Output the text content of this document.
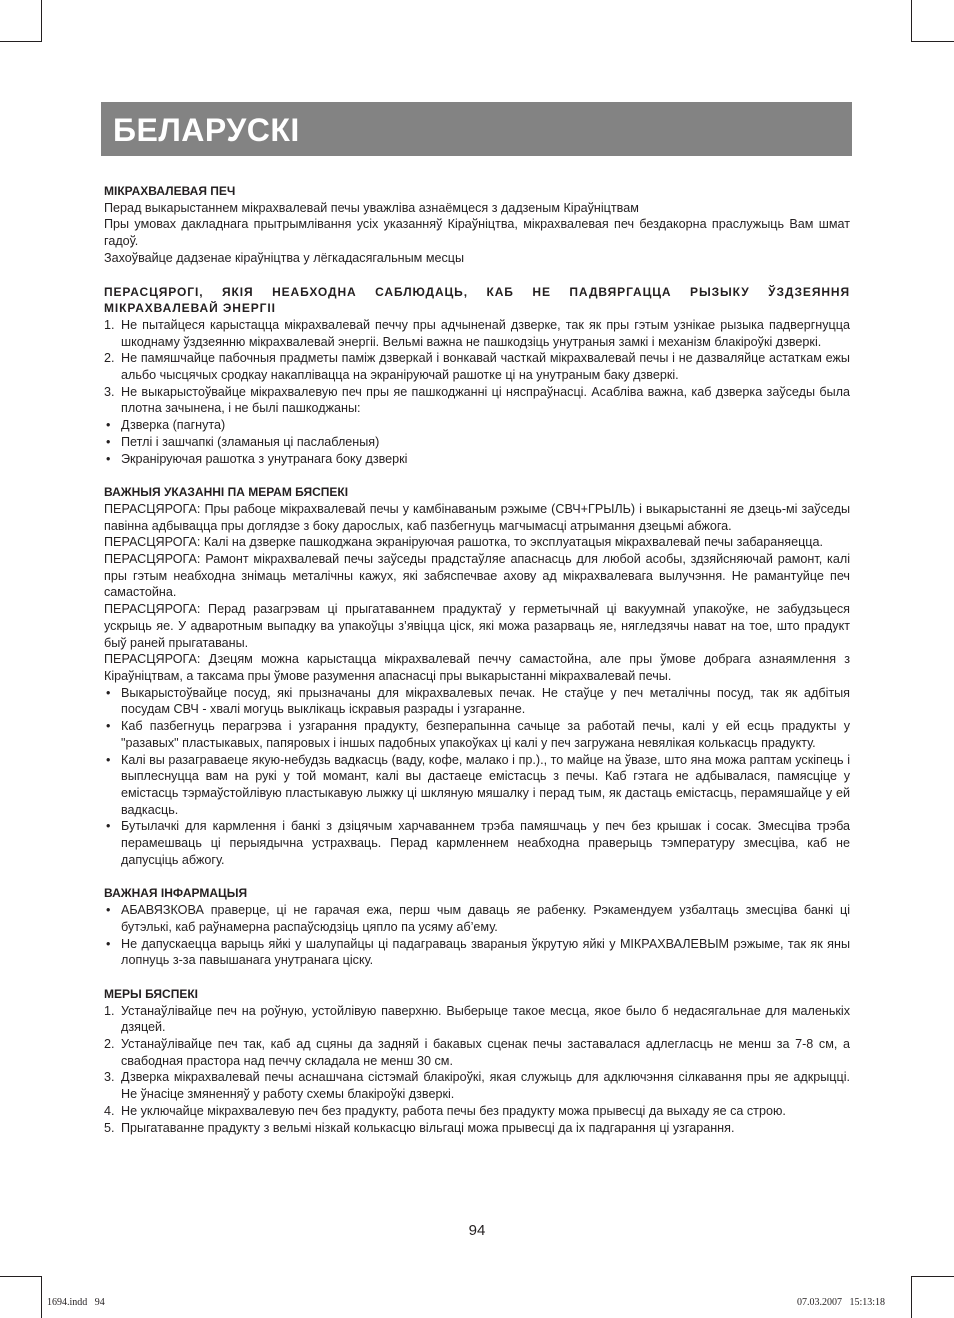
БЕЛАРУСКІ
МІКРАХВАЛЕВАЯ ПЕЧ

Перад выкарыстаннем мікрахвалевай печы уважліва азнаёмцеся з дадзеным Кіраўніцтвам

Пры умовах дакладнага прытрымлівання усіх указанняў Кіраўніцтва, мікрахвалевая печ бездакорна праслужыць Вам шмат гадоў.

Захоўвайце дадзенае кіраўніцтва у лёгкадасягальным месцы

ПЕРАСЦЯРОГІ, ЯКІЯ НЕАБХОДНА САБЛЮДАЦЬ, КАБ НЕ ПАДВЯРГАЦЦА РЫЗЫКУ ЎЗДЗЕЯННЯ МІКРАХВАЛЕВАЙ ЭНЕРГІІ
1. Не пытайцеся карыстацца мікрахвалевай печчу пры адчыненай дзверке, так як пры гэтым узнікае рызыка падвергнуцца шкоднаму ўздзеянню мікрахвалевай энергіі. Вельмі важна не пашкодзіць унутраныя замкі і механізм блакіроўкі дзверкі.
2. Не памяшчайце пабочныя прадметы паміж дзверкай і вонкавай часткай мікрахвалевай печы і не дазваляйце астаткам ежы альбо чысцячых сродкау накаплівацца на экраніруючай рашотке ці на унутраным баку дзверкі.
3. Не выкарыстоўвайце мікрахвалевую печ пры яе пашкоджанні ці няспраўнасці. Асабліва важна, каб дзверка заўседы была плотна зачынена, і не былі пашкоджаны:
• Дзверка (пагнута)
• Петлі і зашчапкі (зламаныя ці паслабленыя)
• Экраніруючая рашотка з унутранага боку дзверкі
ВАЖНЫЯ УКАЗАННІ ПА МЕРАМ БЯСПЕКІ

ПЕРАСЦЯРОГА: Пры рабоце мікрахвалевай печы у камбінаваным рэжыме (СВЧ+ГРЫЛЬ) і выкарыстанні яе дзець-мі заўседы павінна адбывацца пры доглядзе з боку дарослых, каб пазбегнуць магчымасці атрымання дзецьмі абжога.

ПЕРАСЦЯРОГА: Калі на дзверке пашкоджана экраніруючая рашотка, то эксплуатацыя мікрахвалевай печы забараняецца.

ПЕРАСЦЯРОГА: Рамонт мікрахвалевай печы заўседы прадстаўляе апаснасць для любой асобы, здзяйсняючай рамонт, калі пры гэтым неабходна знімаць металічны кажух, які забяспечвае ахову ад мікрахвалевага вылучэння. Не рамантуйце печ самастойна.

ПЕРАСЦЯРОГА: Перад разагрэвам ці прыгатаваннем прадуктаў у герметычнай ці вакуумнай упакоўке, не забудзьцеся ускрыць яе. У адваротным выпадку ва упакоўцы з’явіцца ціск, які можа разарваць яе, нягледзячы нават на тое, што прадукт быў раней прыгатаваны.

ПЕРАСЦЯРОГА: Дзецям можна карыстацца мікрахвалевай печчу самастойна, але пры ўмове добрага азнаямлення з Кіраўніцтвам, а таксама пры ўмове разумення апаснасці пры выкарыстанні мікрахвалевай печы.

• Выкарыстоўвайце посуд, які прызначаны для мікрахвалевых печак. Не стаўце у печ металічны посуд, так як адбітыя посудам СВЧ - хвалі могуць выклікаць іскравыя разрады і узгаранне.
• Каб пазбегнуць перагрэва і узгарання прадукту, безперапынна сачыце за работай печы, калі у ей есць прадукты у "разавых" пластыкавых, папяровых і іншых падобных упакоўках ці калі у печ загружана невялікая колькасць прадукту.
• Калі вы разаграваеце якую-небудзь вадкасць (ваду, кофе, малако і пр.)., то майце на ўвазе, што яна можа раптам ускіпець і выплеснуцца вам на рукі у той момант, калі вы дастаеце емістасць з печы. Каб гэтага не адбывалася, памясціце у емістасць тэрмаўстойлівую пластыкавую лыжку ці шкляную мяшалку і перад тым, як дастаць емістасць, перамяшайце у ей вадкасць.
• Бутылачкі для кармлення і банкі з дзіцячым харчаваннем трэба памяшчаць у печ без крышак і сосак. Змесціва трэба перамешваць ці перыядычна устрахваць. Перад кармленнем неабходна праверыць тэмпературу змесціва, каб не дапусціць абжогу.
ВАЖНАЯ ІНФАРМАЦЫЯ
• АБАВЯЗКОВА праверце, ці не гарачая ежа, перш чым даваць яе рабенку. Рэкамендуем узбалтаць змесціва банкі ці бутэлькі, каб раўнамерна распаўсюдзіць цяпло па усяму аб’ему.
• Не дапускаецца варыць яйкі у шалупайцы ці падаграваць звараныя ўкрутую яйкі у МІКРАХВАЛЕВЫМ рэжыме, так як яны лопнуць з-за павышанага унутранага ціску.
МЕРЫ БЯСПЕКІ
1. Устанаўлівайце печ на роўную, устойлівую паверхню. Выберыце такое месца, якое было б недасягальнае для маленькіх дзяцей.
2. Устанаўлівайце печ так, каб ад сцяны да задняй і бакавых сценак печы заставалася адлегласць не менш за 7-8 см, а свабодная прастора над печчу складала не менш 30 см.
3. Дзверка мікрахвалевай печы аснашчана сістэмай блакіроўкі, якая служыць для адключэння сілкавання пры яе адкрыцці. Не ўнасіце змяненняў у работу схемы блакіроўкі дзверкі.
4. Не уключайце мікрахвалевую печ без прадукту, работа печы без прадукту можа прывесці да выхаду яе са строю.
5. Прыгатаванне прадукту з вельмі нізкай колькасцю вільгаці можа прывесці да іх падгарання ці узгарання.
94
1694.indd   94	07.03.2007   15:13:18
